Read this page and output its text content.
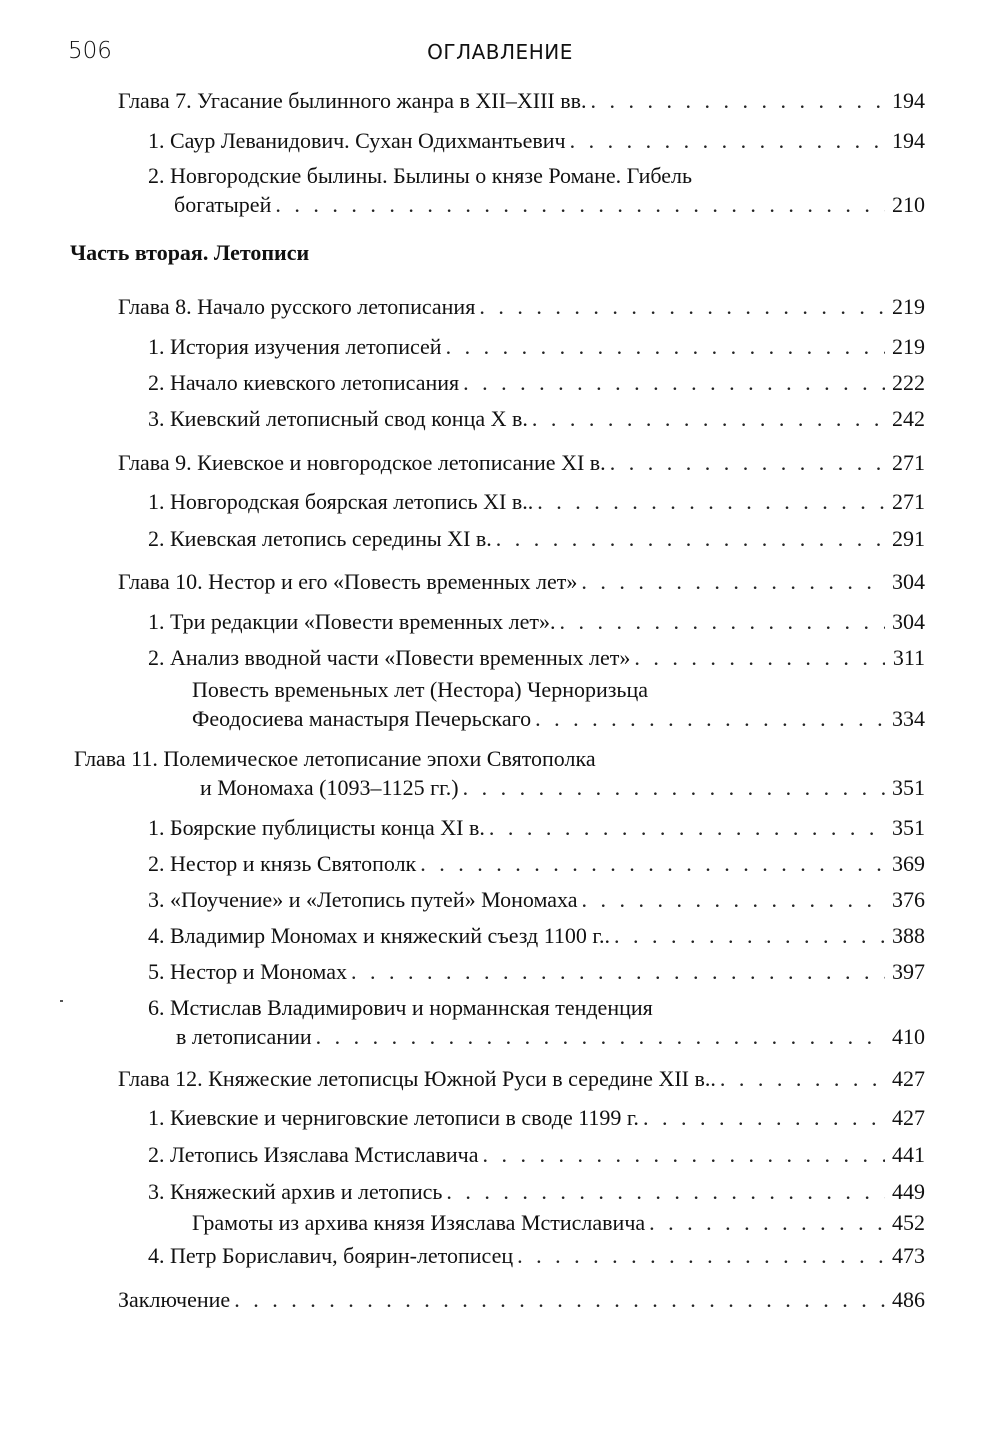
506	ОГЛАВЛЕНИЕ
Глава 7. Угасание былинного жанра в XII–XIII вв. . . .	194
1. Саур Леванидович. Сухан Одихмантьевич . . .	194
2. Новгородские былины. Былины о князе Романе. Гибель
богатырей . . .	210
Часть вторая. Летописи
Глава 8. Начало русского летописания . . .	219
1. История изучения летописей . . .	219
2. Начало киевского летописания . . .	222
3. Киевский летописный свод конца X в. . . .	242
Глава 9. Киевское и новгородское летописание XI в. . . .	271
1. Новгородская боярская летопись XI в.. . . .	271
2. Киевская летопись середины XI в. . . .	291
Глава 10. Нестор и его «Повесть временных лет» . . .	304
1. Три редакции «Повести временных лет». . . .	304
2. Анализ вводной части «Повести временных лет» . . .	311
Повесть временьных лет (Нестора) Черноризьца
Феодосиева манастыря Печерьскаго . . .	334
Глава 11. Полемическое летописание эпохи Святополка
и Мономаха (1093–1125 гг.) . . .	351
1. Боярские публицисты конца XI в. . . .	351
2. Нестор и князь Святополк . . .	369
3. «Поучение» и «Летопись путей» Мономаха . . .	376
4. Владимир Мономах и княжеский съезд 1100 г.. . . .	388
5. Нестор и Мономах . . .	397
6. Мстислав Владимирович и норманнская тенденция
в летописании . . .	410
Глава 12. Княжеские летописцы Южной Руси в середине XII в.. . . .	427
1. Киевские и черниговские летописи в своде 1199 г. . . .	427
2. Летопись Изяслава Мстиславича . . .	441
3. Княжеский архив и летопись . . .	449
Грамоты из архива князя Изяслава Мстиславича . . .	452
4. Петр Бориславич, боярин-летописец . . .	473
Заключение . . .	486
